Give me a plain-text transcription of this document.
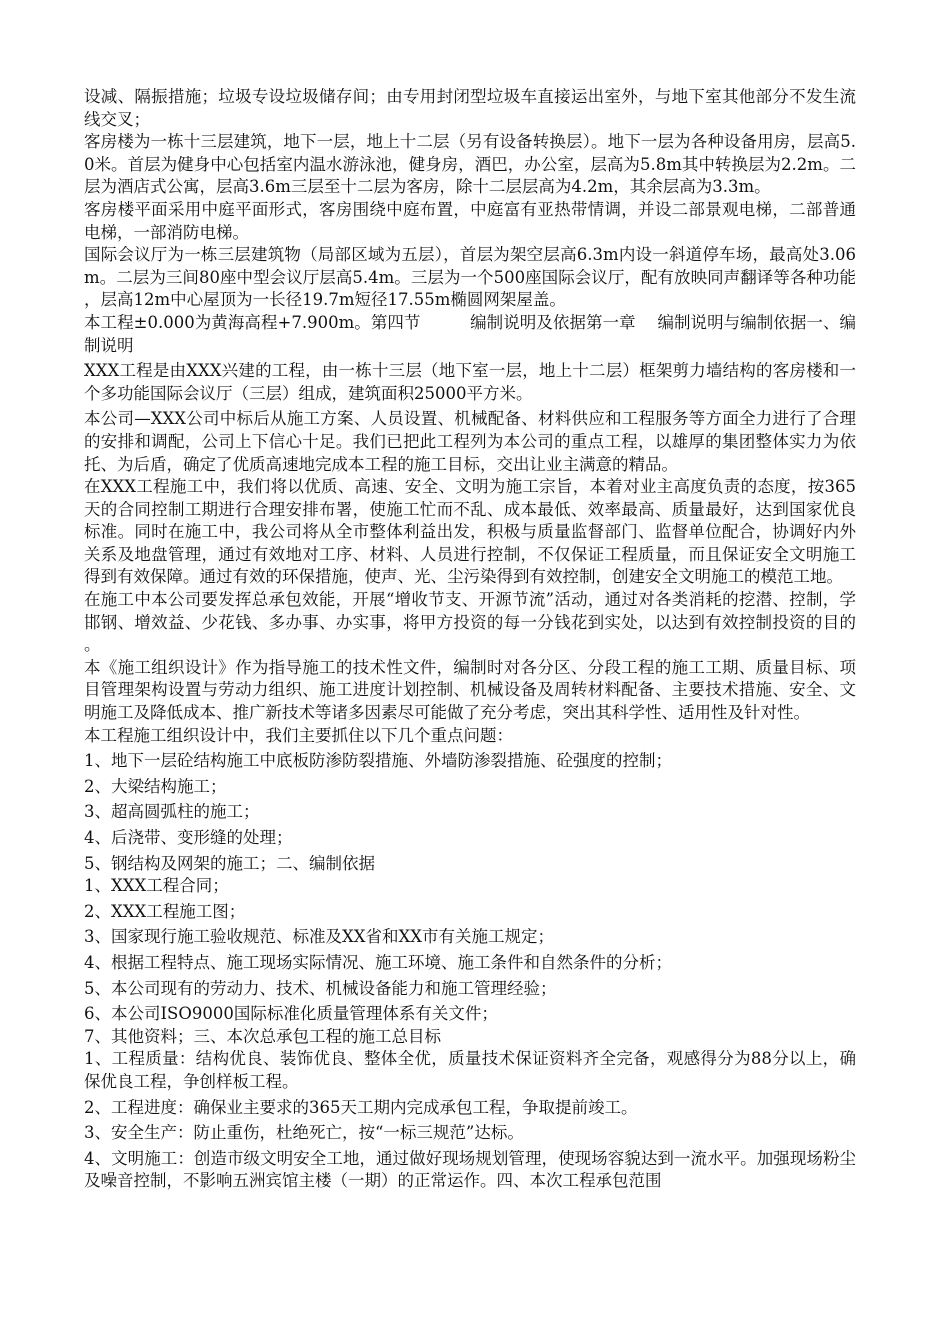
设减、隔振措施；垃圾专设垃圾储存间；由专用封闭型垃圾车直接运出室外，与地下室其他部分不发生流线交叉；

客房楼为一栋十三层建筑，地下一层，地上十二层（另有设备转换层）。地下一层为各种设备用房，层高5.0米。首层为健身中心包括室内温水游泳池，健身房，酒巴，办公室，层高为5.8m其中转换层为2.2m。二层为酒店式公寓，层高3.6m三层至十二层为客房，除十二层层高为4.2m，其余层高为3.3m。

客房楼平面采用中庭平面形式，客房围绕中庭布置，中庭富有亚热带情调，并设二部景观电梯，二部普通电梯，一部消防电梯。

国际会议厅为一栋三层建筑物（局部区域为五层），首层为架空层高6.3m内设一斜道停车场，最高处3.06m。二层为三间80座中型会议厅层高5.4m。三层为一个500座国际会议厅，配有放映同声翻译等各种功能，层高12m中心屋顶为一长径19.7m短径17.55m椭圆网架屋盖。

本工程±0.000为黄海高程+7.900m。第四节　　　编制说明及依据第一章　 编制说明与编制依据一、编制说明

XXX工程是由XXX兴建的工程，由一栋十三层（地下室一层，地上十二层）框架剪力墙结构的客房楼和一个多功能国际会议厅（三层）组成，建筑面积25000平方米。

本公司—XXX公司中标后从施工方案、人员设置、机械配备、材料供应和工程服务等方面全力进行了合理的安排和调配，公司上下信心十足。我们已把此工程列为本公司的重点工程，以雄厚的集团整体实力为依托、为后盾，确定了优质高速地完成本工程的施工目标，交出让业主满意的精品。

在XXX工程施工中，我们将以优质、高速、安全、文明为施工宗旨，本着对业主高度负责的态度，按365天的合同控制工期进行合理安排布署，使施工忙而不乱、成本最低、效率最高、质量最好，达到国家优良标准。同时在施工中，我公司将从全市整体利益出发，积极与质量监督部门、监督单位配合，协调好内外关系及地盘管理，通过有效地对工序、材料、人员进行控制，不仅保证工程质量，而且保证安全文明施工得到有效保障。通过有效的环保措施，使声、光、尘污染得到有效控制，创建安全文明施工的模范工地。

在施工中本公司要发挥总承包效能，开展“增收节支、开源节流”活动，通过对各类消耗的挖潜、控制，学邯钢、增效益、少花钱、多办事、办实事，将甲方投资的每一分钱花到实处，以达到有效控制投资的目的。

本《施工组织设计》作为指导施工的技术性文件，编制时对各分区、分段工程的施工工期、质量目标、项目管理架构设置与劳动力组织、施工进度计划控制、机械设备及周转材料配备、主要技术措施、安全、文明施工及降低成本、推广新技术等诸多因素尽可能做了充分考虑，突出其科学性、适用性及针对性。

本工程施工组织设计中，我们主要抓住以下几个重点问题：

1、地下一层砼结构施工中底板防渗防裂措施、外墙防渗裂措施、砼强度的控制；

2、大梁结构施工；

3、超高圆弧柱的施工；

4、后浇带、变形缝的处理；

5、钢结构及网架的施工；二、编制依据

1、XXX工程合同；

2、XXX工程施工图；

3、国家现行施工验收规范、标准及XX省和XX市有关施工规定；

4、根据工程特点、施工现场实际情况、施工环境、施工条件和自然条件的分析；

5、本公司现有的劳动力、技术、机械设备能力和施工管理经验；

6、本公司ISO9000国际标准化质量管理体系有关文件；

7、其他资料；三、本次总承包工程的施工总目标

1、工程质量：结构优良、装饰优良、整体全优，质量技术保证资料齐全完备，观感得分为88分以上，确保优良工程，争创样板工程。

2、工程进度：确保业主要求的365天工期内完成承包工程，争取提前竣工。

3、安全生产：防止重伤，杜绝死亡，按“一标三规范”达标。

4、文明施工：创造市级文明安全工地，通过做好现场规划管理，使现场容貌达到一流水平。加强现场粉尘及噪音控制，不影响五洲宾馆主楼（一期）的正常运作。四、本次工程承包范围
